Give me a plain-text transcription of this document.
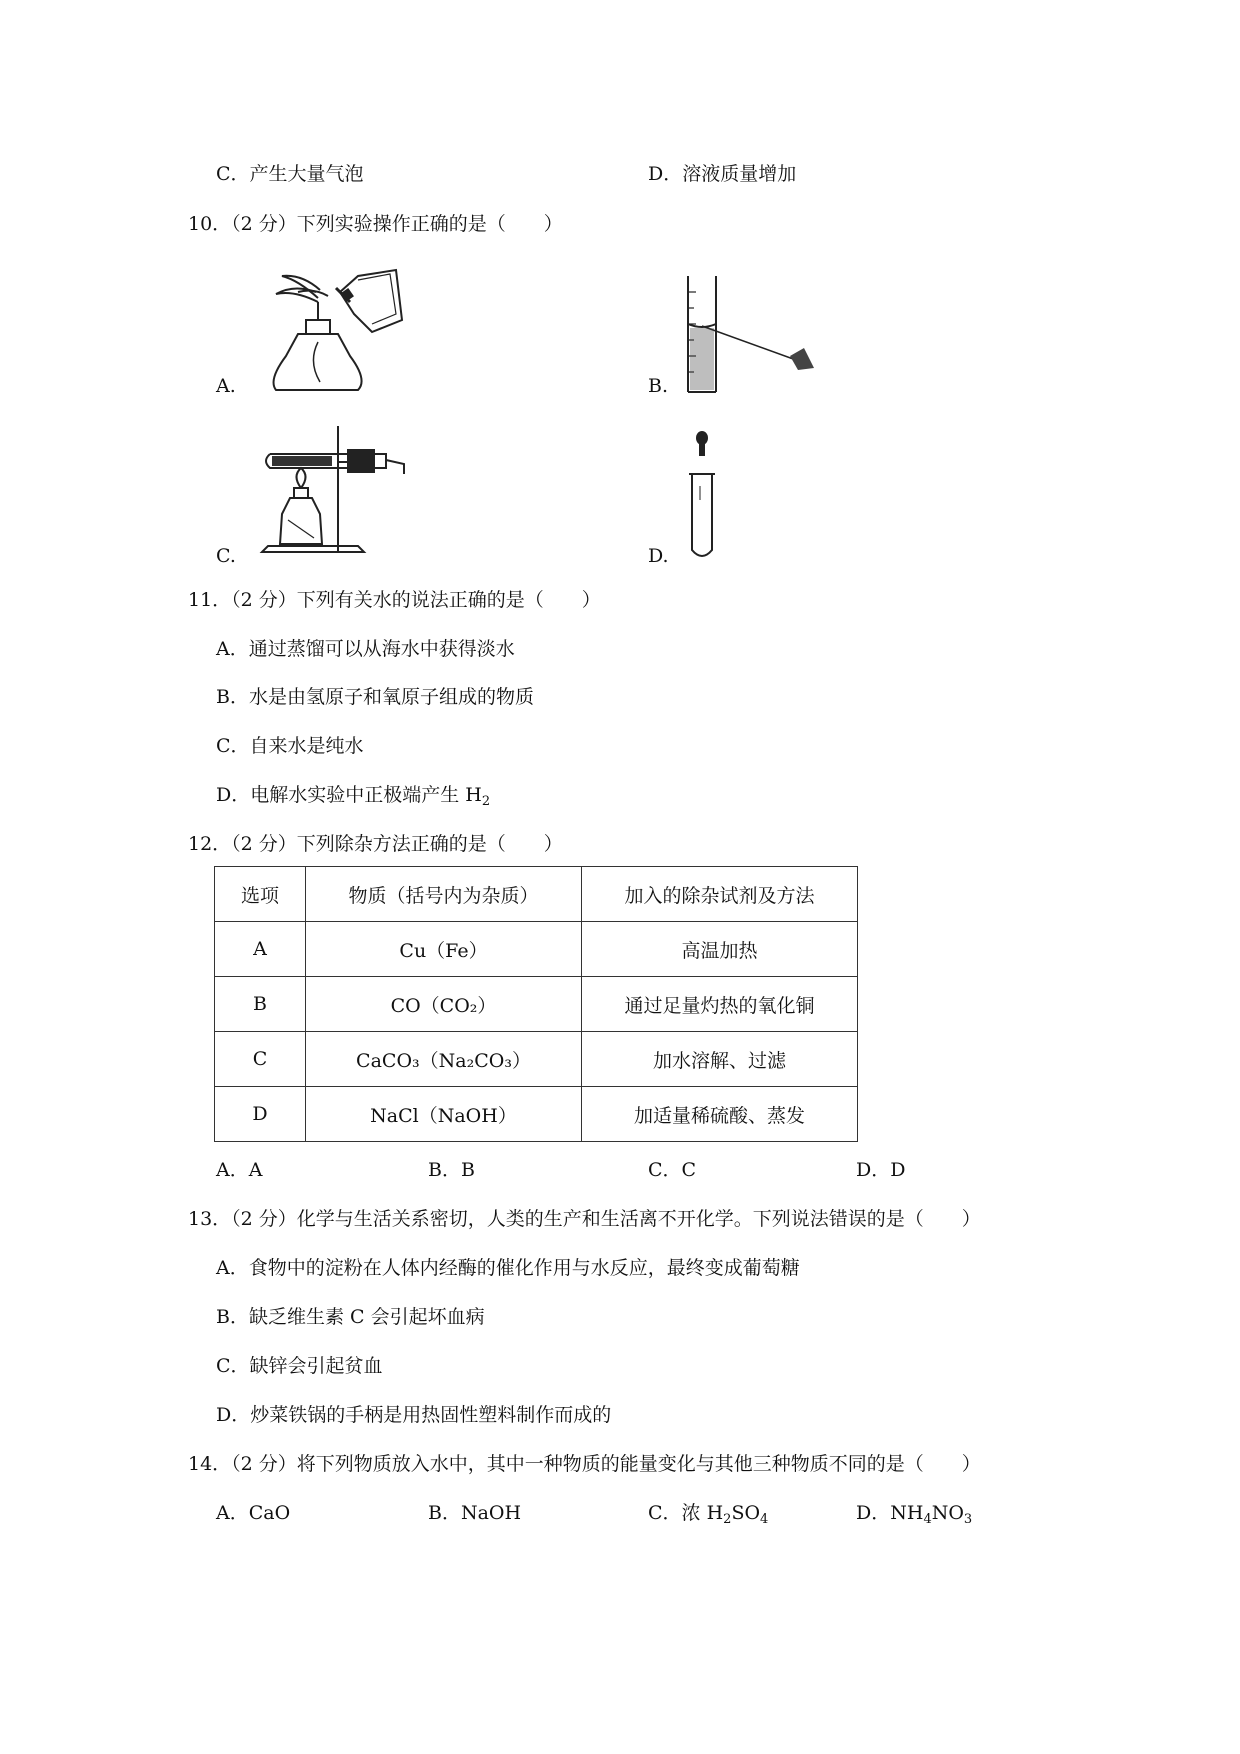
C．产生大量气泡	D．溶液质量增加
10．（2 分）下列实验操作正确的是（　　）
A.	B.
C.	D.
11．（2 分）下列有关水的说法正确的是（　　）
A．通过蒸馏可以从海水中获得淡水
B．水是由氢原子和氧原子组成的物质
C．自来水是纯水
D．电解水实验中正极端产生 $H_2$
12．（2 分）下列除杂方法正确的是（　　）
选项	物质（括号内为杂质）	加入的除杂试剂及方法
A	Cu（Fe）	高温加热
B	CO（CO₂）	通过足量灼热的氧化铜
C	CaCO₃（Na₂CO₃）	加水溶解、过滤
D	NaCl（NaOH）	加适量稀硫酸、蒸发
A．A	B．B	C．C	D．D
13．（2 分）化学与生活关系密切，人类的生产和生活离不开化学。下列说法错误的是（　　）
A．食物中的淀粉在人体内经酶的催化作用与水反应，最终变成葡萄糖
B．缺乏维生素 C 会引起坏血病
C．缺锌会引起贫血
D．炒菜铁锅的手柄是用热固性塑料制作而成的
14．（2 分）将下列物质放入水中，其中一种物质的能量变化与其他三种物质不同的是（　　）
A．CaO	B．NaOH	C．浓 $H_2SO_4$	D．$NH_4NO_3$
